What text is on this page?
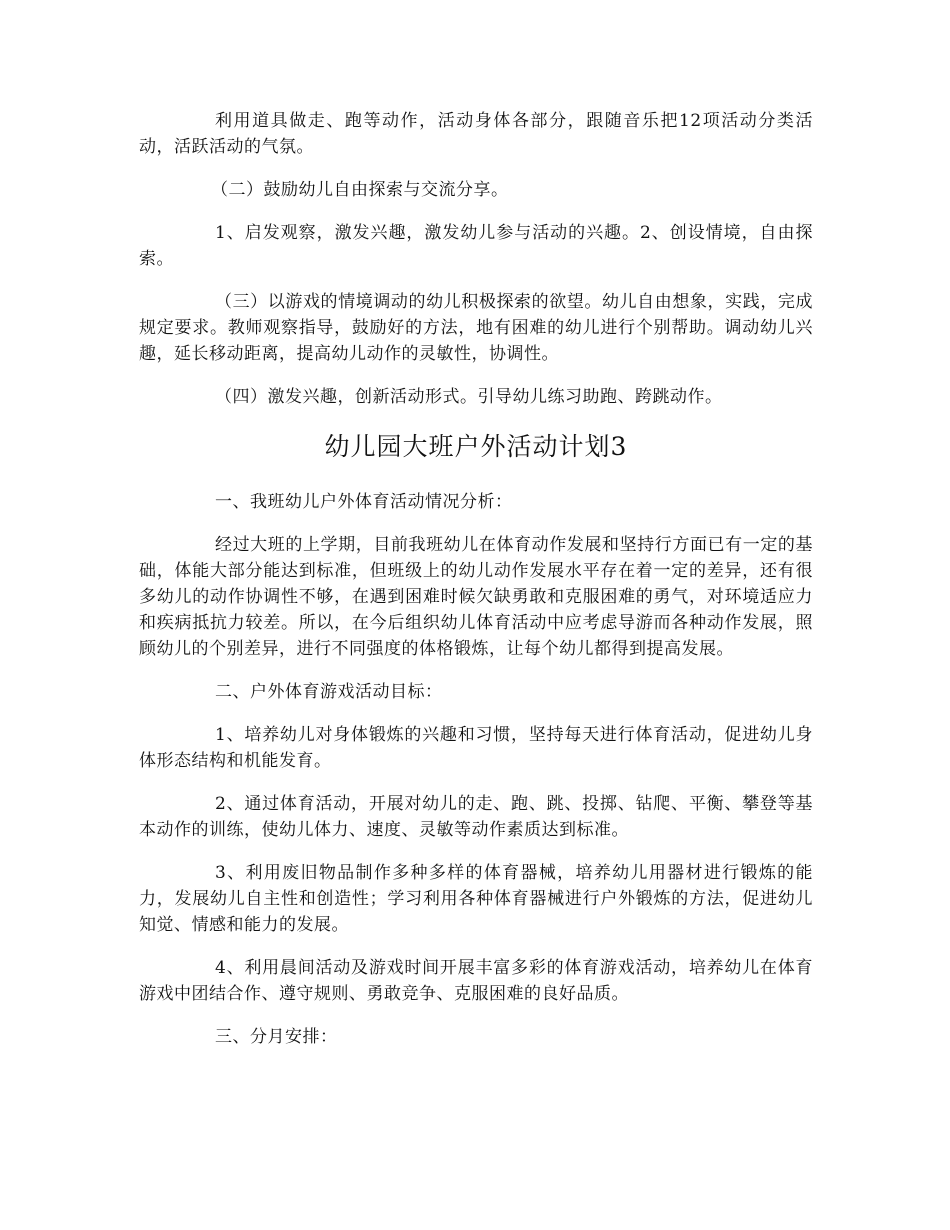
利用道具做走、跑等动作，活动身体各部分，跟随音乐把12项活动分类活动，活跃活动的气氛。

（二）鼓励幼儿自由探索与交流分享。

1、启发观察，激发兴趣，激发幼儿参与活动的兴趣。2、创设情境，自由探索。

（三）以游戏的情境调动的幼儿积极探索的欲望。幼儿自由想象，实践，完成规定要求。教师观察指导，鼓励好的方法，地有困难的幼儿进行个别帮助。调动幼儿兴趣，延长移动距离，提高幼儿动作的灵敏性，协调性。

（四）激发兴趣，创新活动形式。引导幼儿练习助跑、跨跳动作。

幼儿园大班户外活动计划3

一、我班幼儿户外体育活动情况分析：

经过大班的上学期，目前我班幼儿在体育动作发展和坚持行方面已有一定的基础，体能大部分能达到标准，但班级上的幼儿动作发展水平存在着一定的差异，还有很多幼儿的动作协调性不够，在遇到困难时候欠缺勇敢和克服困难的勇气，对环境适应力和疾病抵抗力较差。所以，在今后组织幼儿体育活动中应考虑导游而各种动作发展，照顾幼儿的个别差异，进行不同强度的体格锻炼，让每个幼儿都得到提高发展。

二、户外体育游戏活动目标：

1、培养幼儿对身体锻炼的兴趣和习惯，坚持每天进行体育活动，促进幼儿身体形态结构和机能发育。

2、通过体育活动，开展对幼儿的走、跑、跳、投掷、钻爬、平衡、攀登等基本动作的训练，使幼儿体力、速度、灵敏等动作素质达到标准。

3、利用废旧物品制作多种多样的体育器械，培养幼儿用器材进行锻炼的能力，发展幼儿自主性和创造性；学习利用各种体育器械进行户外锻炼的方法，促进幼儿知觉、情感和能力的发展。

4、利用晨间活动及游戏时间开展丰富多彩的体育游戏活动，培养幼儿在体育游戏中团结合作、遵守规则、勇敢竞争、克服困难的良好品质。

三、分月安排：
